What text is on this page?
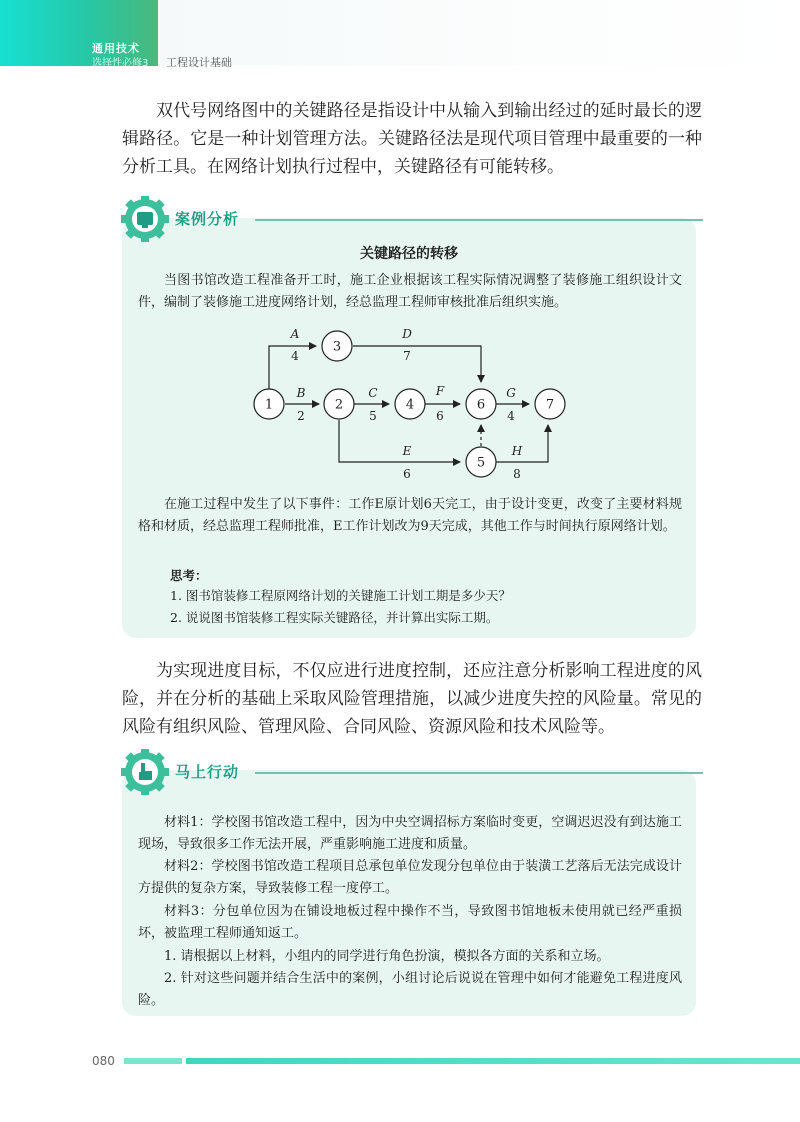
通用技术
选择性必修3 工程设计基础

双代号网络图中的关键路径是指设计中从输入到输出经过的延时最长的逻辑路径。它是一种计划管理方法。关键路径法是现代项目管理中最重要的一种分析工具。在网络计划执行过程中，关键路径有可能转移。

案例分析
关键路径的转移

当图书馆改造工程准备开工时，施工企业根据该工程实际情况调整了装修施工组织设计文件，编制了装修施工进度网络计划，经总监理工程师审核批准后组织实施。

1	2
3
4
5
6	7
A
4
B
2
C
5
D
7
E
6
F
6
G
4
H
8

在施工过程中发生了以下事件：工作E原计划6天完工，由于设计变更，改变了主要材料规格和材质，经总监理工程师批准，E工作计划改为9天完成，其他工作与时间执行原网络计划。

思考：
1. 图书馆装修工程原网络计划的关键施工计划工期是多少天？
2. 说说图书馆装修工程实际关键路径，并计算出实际工期。

为实现进度目标，不仅应进行进度控制，还应注意分析影响工程进度的风险，并在分析的基础上采取风险管理措施，以减少进度失控的风险量。常见的风险有组织风险、管理风险、合同风险、资源风险和技术风险等。

马上行动

材料1：学校图书馆改造工程中，因为中央空调招标方案临时变更，空调迟迟没有到达施工现场，导致很多工作无法开展，严重影响施工进度和质量。

材料2：学校图书馆改造工程项目总承包单位发现分包单位由于装潢工艺落后无法完成设计方提供的复杂方案，导致装修工程一度停工。

材料3：分包单位因为在铺设地板过程中操作不当，导致图书馆地板未使用就已经严重损坏，被监理工程师通知返工。

1. 请根据以上材料，小组内的同学进行角色扮演，模拟各方面的关系和立场。

2. 针对这些问题并结合生活中的案例，小组讨论后说说在管理中如何才能避免工程进度风险。

080
